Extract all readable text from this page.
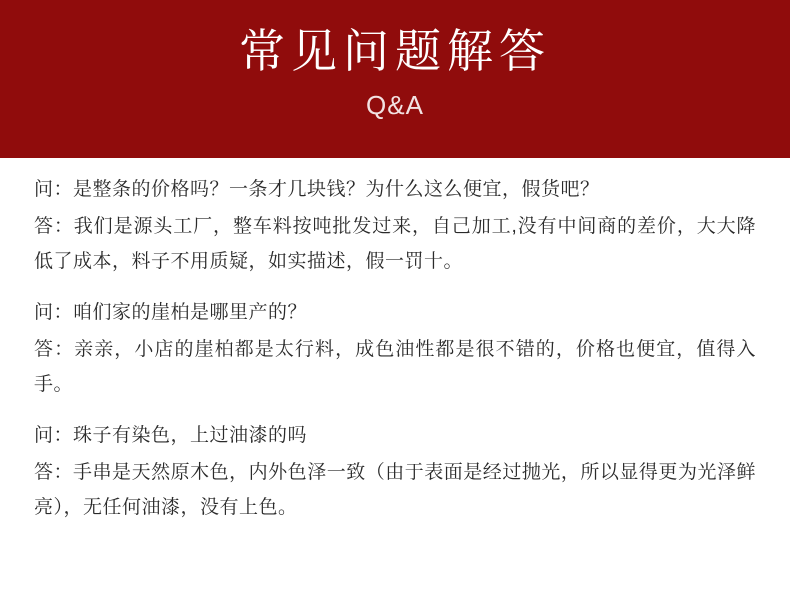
常见问题解答
Q&A
问：是整条的价格吗？一条才几块钱？为什么这么便宜，假货吧？
答：我们是源头工厂，整车料按吨批发过来，自己加工,没有中间商的差价，大大降低了成本，料子不用质疑，如实描述，假一罚十。
问：咱们家的崖柏是哪里产的？
答：亲亲，小店的崖柏都是太行料，成色油性都是很不错的，价格也便宜，值得入手。
问：珠子有染色，上过油漆的吗
答：手串是天然原木色，内外色泽一致（由于表面是经过抛光，所以显得更为光泽鲜亮），无任何油漆，没有上色。
